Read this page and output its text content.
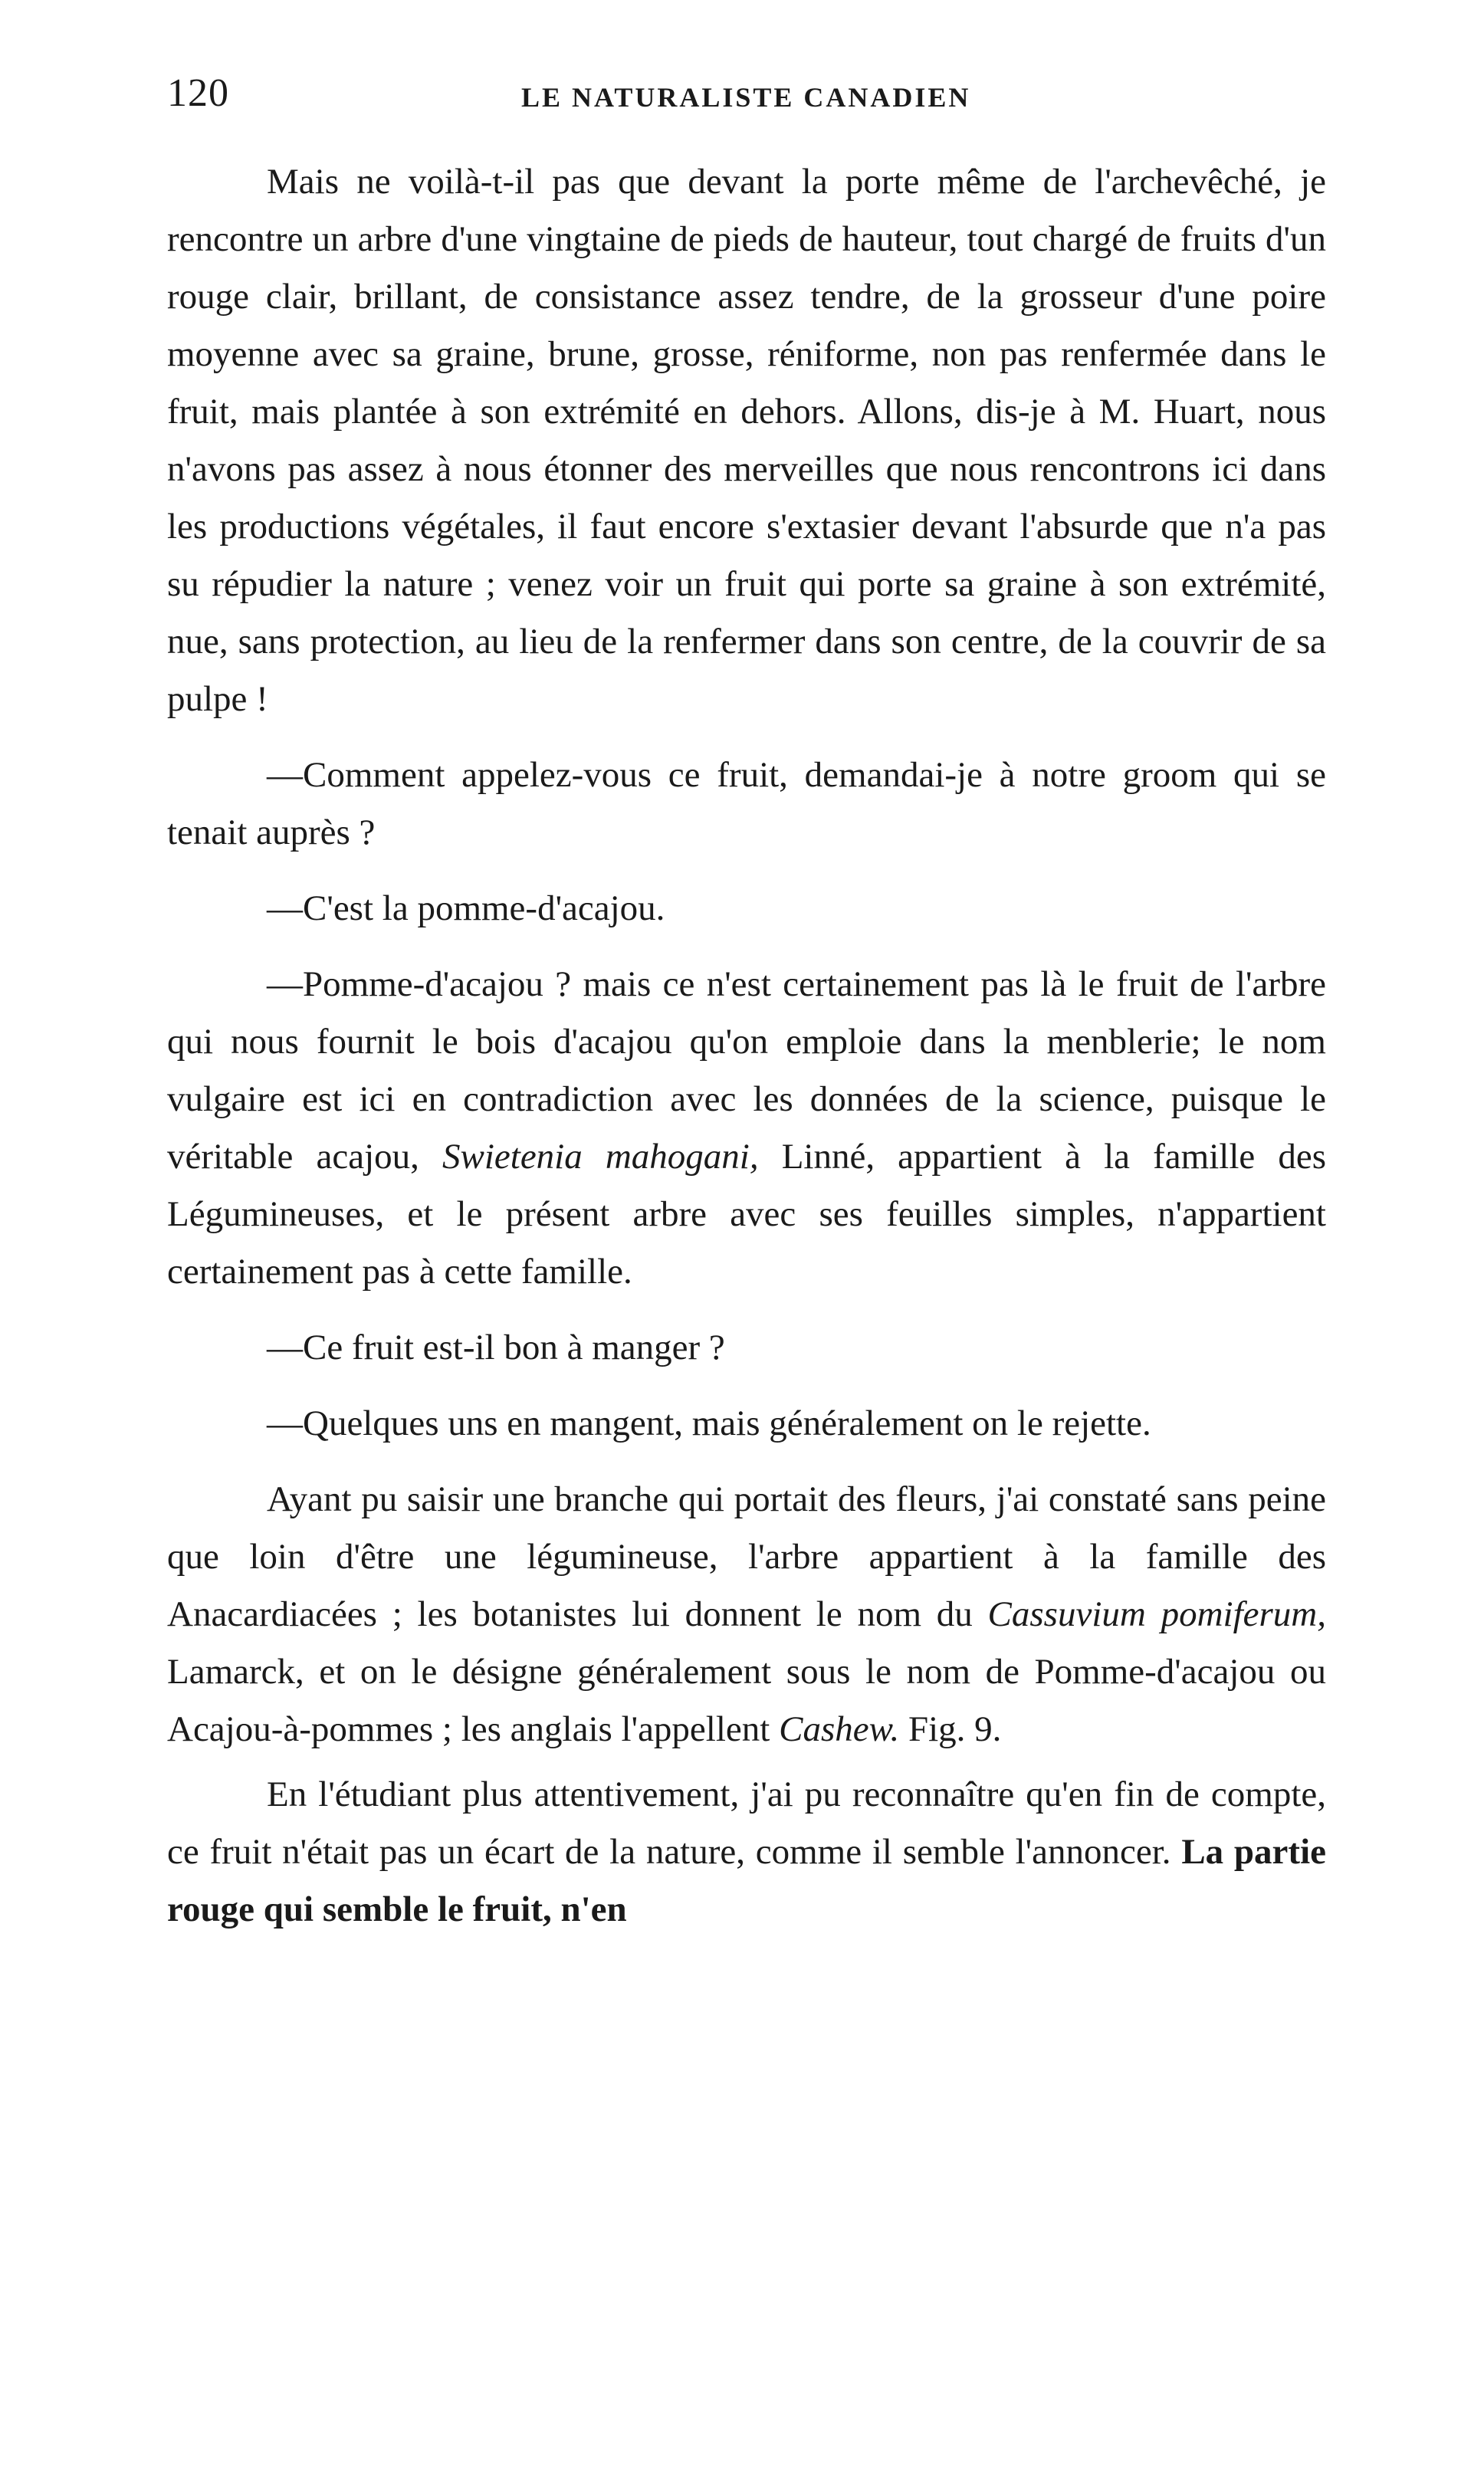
120	LE NATURALISTE CANADIEN

Mais ne voilà-t-il pas que devant la porte même de l'archevêché, je rencontre un arbre d'une vingtaine de pieds de hauteur, tout chargé de fruits d'un rouge clair, brillant, de consistance assez tendre, de la grosseur d'une poire moyenne avec sa graine, brune, grosse, réniforme, non pas renfermée dans le fruit, mais plantée à son extrémité en dehors. Allons, dis-je à M. Huart, nous n'avons pas assez à nous étonner des merveilles que nous rencontrons ici dans les productions végétales, il faut encore s'extasier devant l'absurde que n'a pas su répudier la nature ; venez voir un fruit qui porte sa graine à son extrémité, nue, sans protection, au lieu de la renfermer dans son centre, de la couvrir de sa pulpe !

—Comment appelez-vous ce fruit, demandai-je à notre groom qui se tenait auprès ?

—C'est la pomme-d'acajou.

—Pomme-d'acajou ? mais ce n'est certainement pas là le fruit de l'arbre qui nous fournit le bois d'acajou qu'on emploie dans la menblerie; le nom vulgaire est ici en contradiction avec les données de la science, puisque le véritable acajou, Swietenia mahogani, Linné, appartient à la famille des Légumineuses, et le présent arbre avec ses feuilles simples, n'appartient certainement pas à cette famille.

—Ce fruit est-il bon à manger ?

—Quelques uns en mangent, mais généralement on le rejette.

Ayant pu saisir une branche qui portait des fleurs, j'ai constaté sans peine que loin d'être une légumineuse, l'arbre appartient à la famille des Anacardiacées ; les botanistes lui donnent le nom du Cassuvium pomiferum, Lamarck, et on le désigne généralement sous le nom de Pomme-d'acajou ou Acajou-à-pommes ; les anglais l'appellent Cashew. Fig. 9.

En l'étudiant plus attentivement, j'ai pu reconnaître qu'en fin de compte, ce fruit n'était pas un écart de la nature, comme il semble l'annoncer. La partie rouge qui semble le fruit, n'en
